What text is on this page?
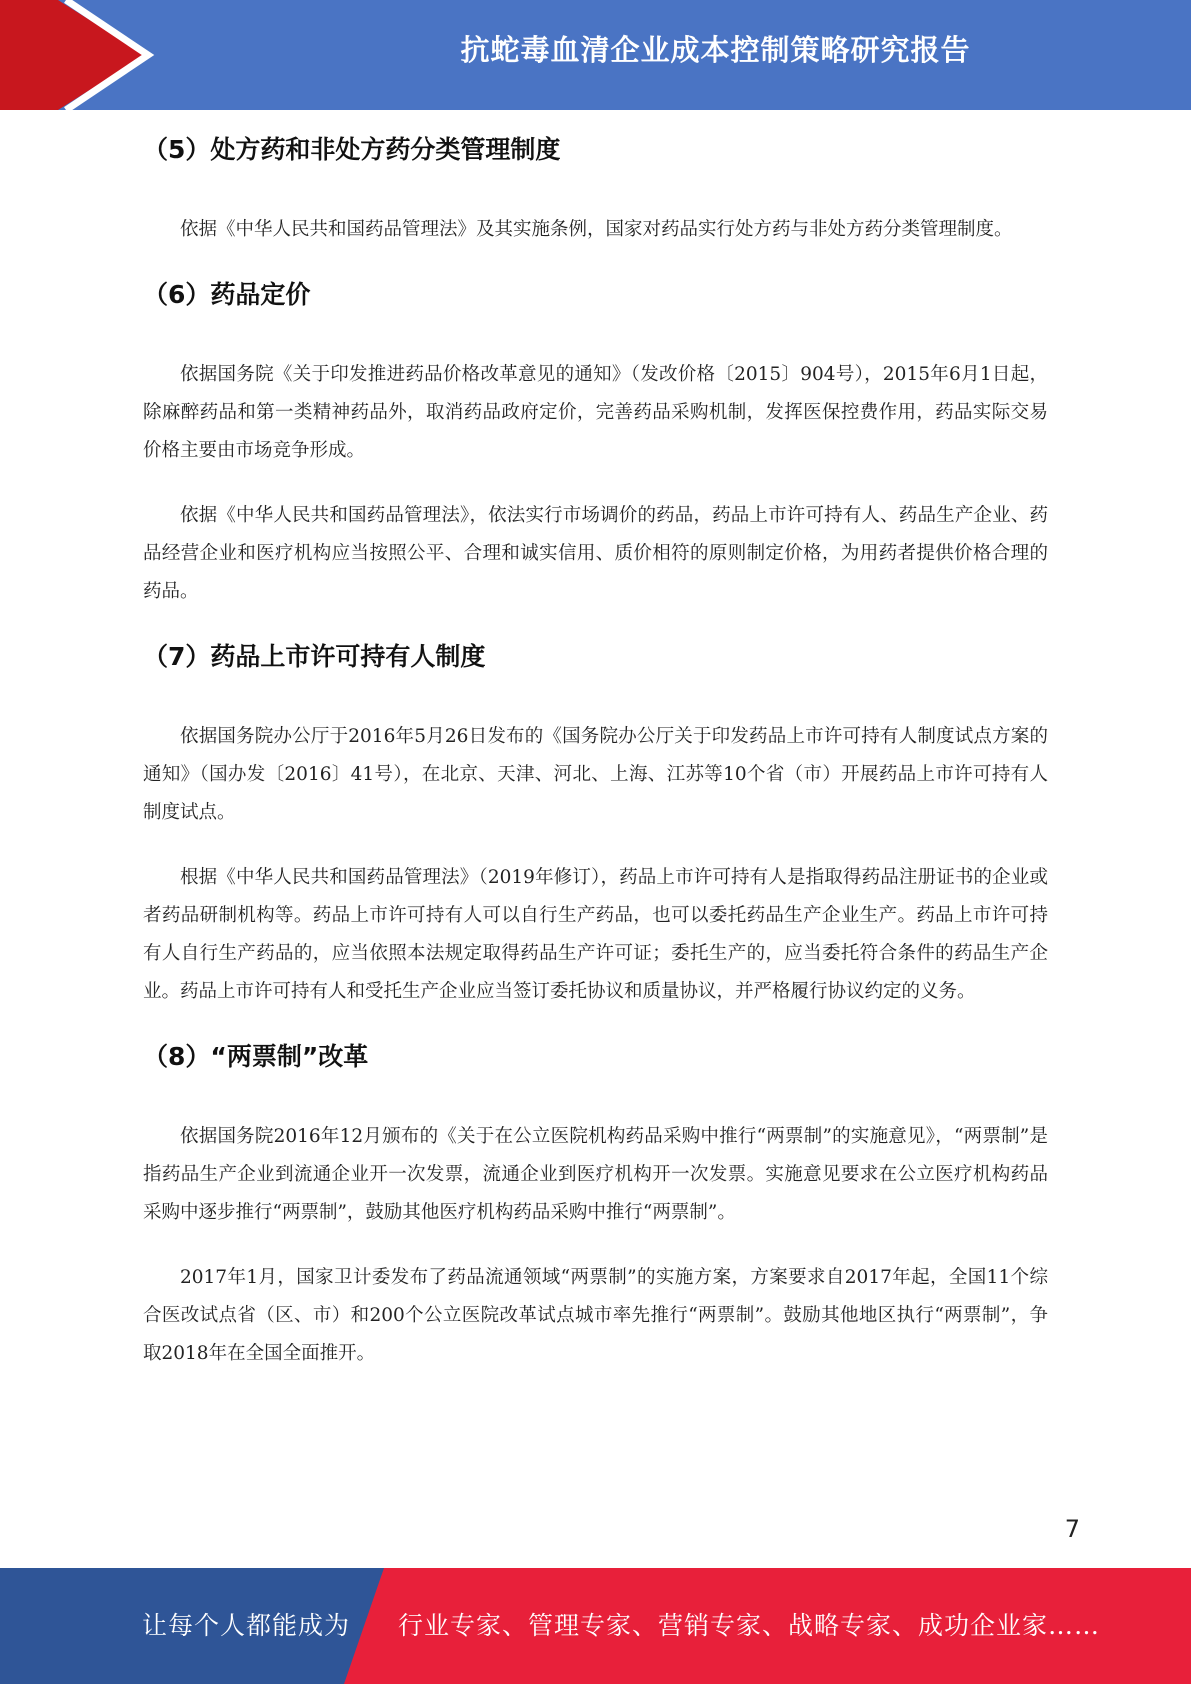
抗蛇毒血清企业成本控制策略研究报告
（5）处方药和非处方药分类管理制度

依据《中华人民共和国药品管理法》及其实施条例，国家对药品实行处方药与非处方药分类管理制度。

（6）药品定价

依据国务院《关于印发推进药品价格改革意见的通知》（发改价格〔2015〕904号），2015年6月1日起，除麻醉药品和第一类精神药品外，取消药品政府定价，完善药品采购机制，发挥医保控费作用，药品实际交易价格主要由市场竞争形成。

依据《中华人民共和国药品管理法》，依法实行市场调价的药品，药品上市许可持有人、药品生产企业、药品经营企业和医疗机构应当按照公平、合理和诚实信用、质价相符的原则制定价格，为用药者提供价格合理的药品。

（7）药品上市许可持有人制度

依据国务院办公厅于2016年5月26日发布的《国务院办公厅关于印发药品上市许可持有人制度试点方案的通知》（国办发〔2016〕41号），在北京、天津、河北、上海、江苏等10个省（市）开展药品上市许可持有人制度试点。

根据《中华人民共和国药品管理法》（2019年修订），药品上市许可持有人是指取得药品注册证书的企业或者药品研制机构等。药品上市许可持有人可以自行生产药品，也可以委托药品生产企业生产。药品上市许可持有人自行生产药品的，应当依照本法规定取得药品生产许可证；委托生产的，应当委托符合条件的药品生产企业。药品上市许可持有人和受托生产企业应当签订委托协议和质量协议，并严格履行协议约定的义务。

（8）“两票制”改革

依据国务院2016年12月颁布的《关于在公立医院机构药品采购中推行“两票制”的实施意见》，“两票制”是指药品生产企业到流通企业开一次发票，流通企业到医疗机构开一次发票。实施意见要求在公立医疗机构药品采购中逐步推行“两票制”，鼓励其他医疗机构药品采购中推行“两票制”。

2017年1月，国家卫计委发布了药品流通领域“两票制”的实施方案，方案要求自2017年起，全国11个综合医改试点省（区、市）和200个公立医院改革试点城市率先推行“两票制”。鼓励其他地区执行“两票制”，争取2018年在全国全面推开。

7
让每个人都能成为 行业专家、管理专家、营销专家、战略专家、成功企业家……
